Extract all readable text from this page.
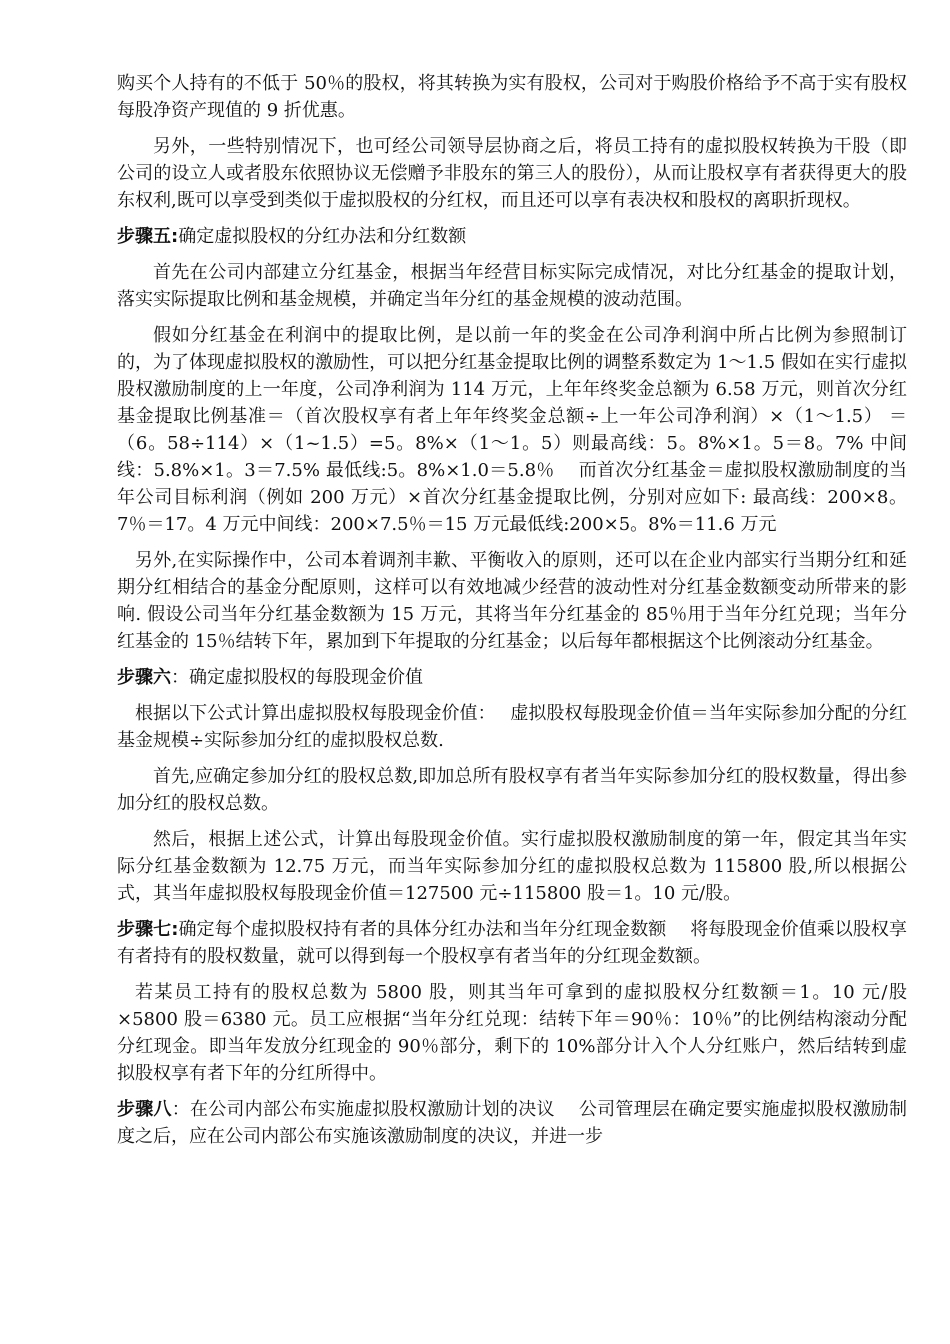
购买个人持有的不低于 50％的股权，将其转换为实有股权，公司对于购股价格给予不高于实有股权每股净资产现值的 9 折优惠。

另外，一些特别情况下，也可经公司领导层协商之后，将员工持有的虚拟股权转换为干股（即公司的设立人或者股东依照协议无偿赠予非股东的第三人的股份），从而让股权享有者获得更大的股东权利,既可以享受到类似于虚拟股权的分红权，而且还可以享有表决权和股权的离职折现权。

步骤五:确定虚拟股权的分红办法和分红数额

首先在公司内部建立分红基金，根据当年经营目标实际完成情况，对比分红基金的提取计划，落实实际提取比例和基金规模，并确定当年分红的基金规模的波动范围。

假如分红基金在利润中的提取比例，是以前一年的奖金在公司净利润中所占比例为参照制订的，为了体现虚拟股权的激励性，可以把分红基金提取比例的调整系数定为 1～1.5 假如在实行虚拟股权激励制度的上一年度，公司净利润为 114 万元，上年年终奖金总额为 6.58 万元，则首次分红基金提取比例基准＝（首次股权享有者上年年终奖金总额÷上一年公司净利润）×（1～1.5） ＝（6。58÷114）×（1~1.5）=5。8%×（1～1。5）则最高线：5。8%×1。5＝8。7% 中间线：5.8%×1。3＝7.5% 最低线:5。8%×1.0＝5.8％　 而首次分红基金＝虚拟股权激励制度的当年公司目标利润（例如 200 万元）×首次分红基金提取比例，分别对应如下: 最高线：200×8。7％＝17。4 万元中间线：200×7.5％＝15 万元最低线:200×5。8%＝11.6 万元

另外,在实际操作中，公司本着调剂丰歉、平衡收入的原则，还可以在企业内部实行当期分红和延期分红相结合的基金分配原则，这样可以有效地减少经营的波动性对分红基金数额变动所带来的影响. 假设公司当年分红基金数额为 15 万元，其将当年分红基金的 85％用于当年分红兑现；当年分红基金的 15％结转下年，累加到下年提取的分红基金；以后每年都根据这个比例滚动分红基金。

步骤六：确定虚拟股权的每股现金价值

根据以下公式计算出虚拟股权每股现金价值：　 虚拟股权每股现金价值＝当年实际参加分配的分红基金规模÷实际参加分红的虚拟股权总数.

首先,应确定参加分红的股权总数,即加总所有股权享有者当年实际参加分红的股权数量，得出参加分红的股权总数。

然后，根据上述公式，计算出每股现金价值。实行虚拟股权激励制度的第一年，假定其当年实际分红基金数额为 12.75 万元，而当年实际参加分红的虚拟股权总数为 115800 股,所以根据公式，其当年虚拟股权每股现金价值＝127500 元÷115800 股＝1。10 元/股。

步骤七:确定每个虚拟股权持有者的具体分红办法和当年分红现金数额　 将每股现金价值乘以股权享有者持有的股权数量，就可以得到每一个股权享有者当年的分红现金数额。

若某员工持有的股权总数为 5800 股，则其当年可拿到的虚拟股权分红数额＝1。10 元/股×5800 股＝6380 元。员工应根据“当年分红兑现：结转下年＝90％：10％”的比例结构滚动分配分红现金。即当年发放分红现金的 90％部分，剩下的 10%部分计入个人分红账户，然后结转到虚拟股权享有者下年的分红所得中。

步骤八：在公司内部公布实施虚拟股权激励计划的决议　 公司管理层在确定要实施虚拟股权激励制度之后，应在公司内部公布实施该激励制度的决议，并进一步
